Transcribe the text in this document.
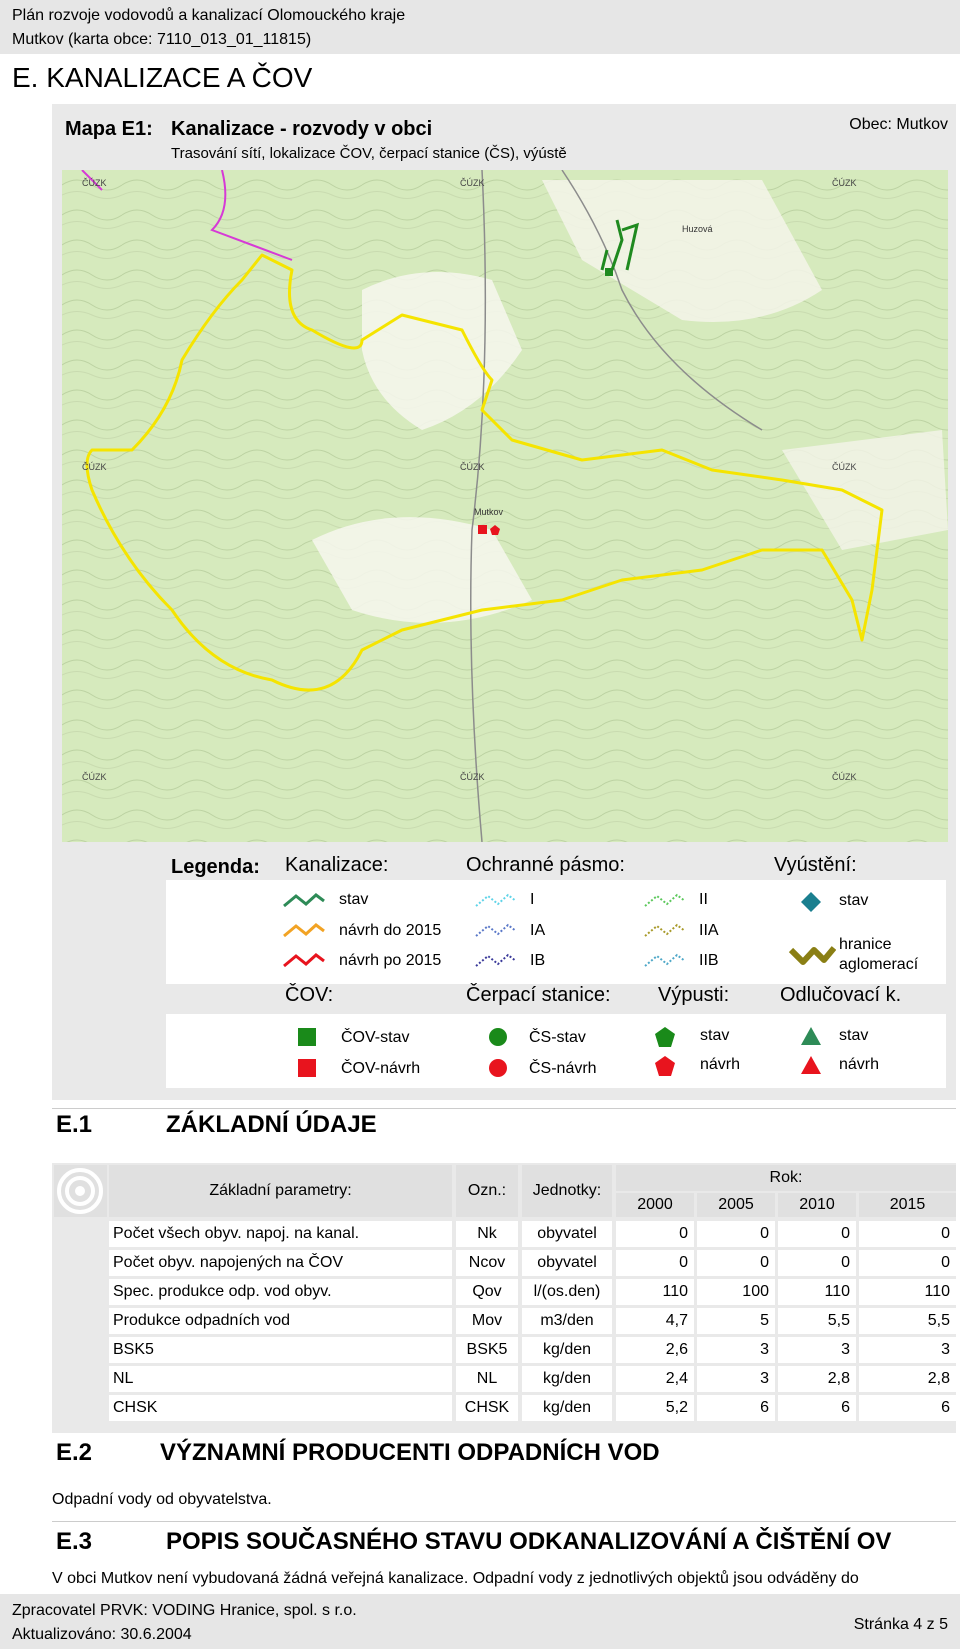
Plán rozvoje vodovodů a kanalizací Olomouckého kraje
Mutkov (karta obce: 7110_013_01_11815)
E. KANALIZACE A ČOV
Mapa E1: Kanalizace - rozvody v obci
Trasování sítí, lokalizace ČOV, čerpací stanice (ČS), výústě
Obec: Mutkov
ČÚZK	ČÚZK	ČÚZK
ČÚZK	ČÚZK
ČÚZK
ČÚZK	ČÚZK
ČÚZK
Huzová
Mutkov
Legenda: Kanalizace:	Ochranné pásmo:	Vyústění:
stav
návrh do 2015
návrh po 2015
I
IA
IB
II
IIA
IIB
stav
hranice
aglomerací
ČOV:	Čerpací stanice: Výpusti:	Odlučovací k.
ČOV-stav
ČOV-návrh
ČS-stav
ČS-návrh
stav
návrh
stav
návrh
E.1	ZÁKLADNÍ ÚDAJE
Základní parametry:	Ozn.:	Jednotky:
Rok:
2000	2005	2010	2015
Počet všech obyv. napoj. na kanal.	Nk	obyvatel	0	0	0	0
Počet obyv. napojených na ČOV	Ncov	obyvatel	0	0	0	0
Spec. produkce odp. vod obyv.	Qov	l/(os.den)	110	100	110	110
Produkce odpadních vod	Mov	m3/den	4,7	5	5,5	5,5
BSK5	BSK5	kg/den	2,6	3	3	3
NL	NL	kg/den	2,4	3	2,8	2,8
CHSK	CHSK	kg/den	5,2	6	6	6
E.2	VÝZNAMNÍ PRODUCENTI ODPADNÍCH VOD
Odpadní vody od obyvatelstva.
E.3	POPIS SOUČASNÉHO STAVU ODKANALIZOVÁNÍ A ČIŠTĚNÍ OV
V obci Mutkov není vybudovaná žádná veřejná kanalizace. Odpadní vody z jednotlivých objektů jsou odváděny do
Zpracovatel PRVK: VODING Hranice, spol. s r.o.
Aktualizováno: 30.6.2004
Stránka 4 z 5
